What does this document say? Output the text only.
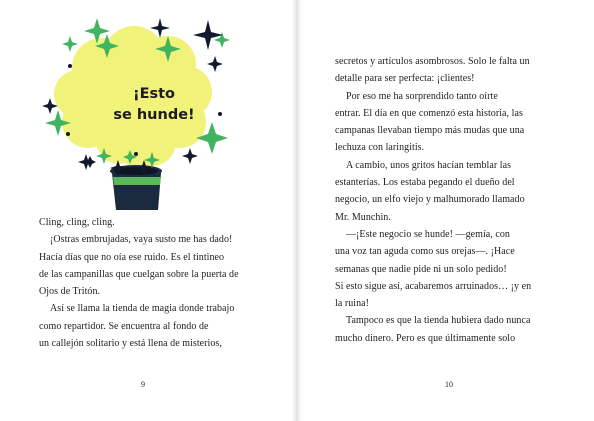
¡Esto
se hunde!
Cling, cling, cling.
¡Ostras embrujadas, vaya susto me has dado!
Hacía días que no oía ese ruido. Es el tintineo
de las campanillas que cuelgan sobre la puerta de
Ojos de Tritón.
Así se llama la tienda de magia donde trabajo
como repartidor. Se encuentra al fondo de
un callejón solitario y está llena de misterios,
9
secretos y artículos asombrosos. Solo le falta un
detalle para ser perfecta: ¡clientes!
Por eso me ha sorprendido tanto oírte
entrar. El día en que comenzó esta historia, las
campanas llevaban tiempo más mudas que una
lechuza con laringitis.
A cambio, unos gritos hacían temblar las
estanterías. Los estaba pegando el dueño del
negocio, un elfo viejo y malhumorado llamado
Mr. Munchin.
—¡Este negocio se hunde! —gemía, con
una voz tan aguda como sus orejas—. ¡Hace
semanas que nadie pide ni un solo pedido!
Si esto sigue así, acabaremos arruinados… ¡y en
la ruina!
Tampoco es que la tienda hubiera dado nunca
mucho dinero. Pero es que últimamente solo
10
